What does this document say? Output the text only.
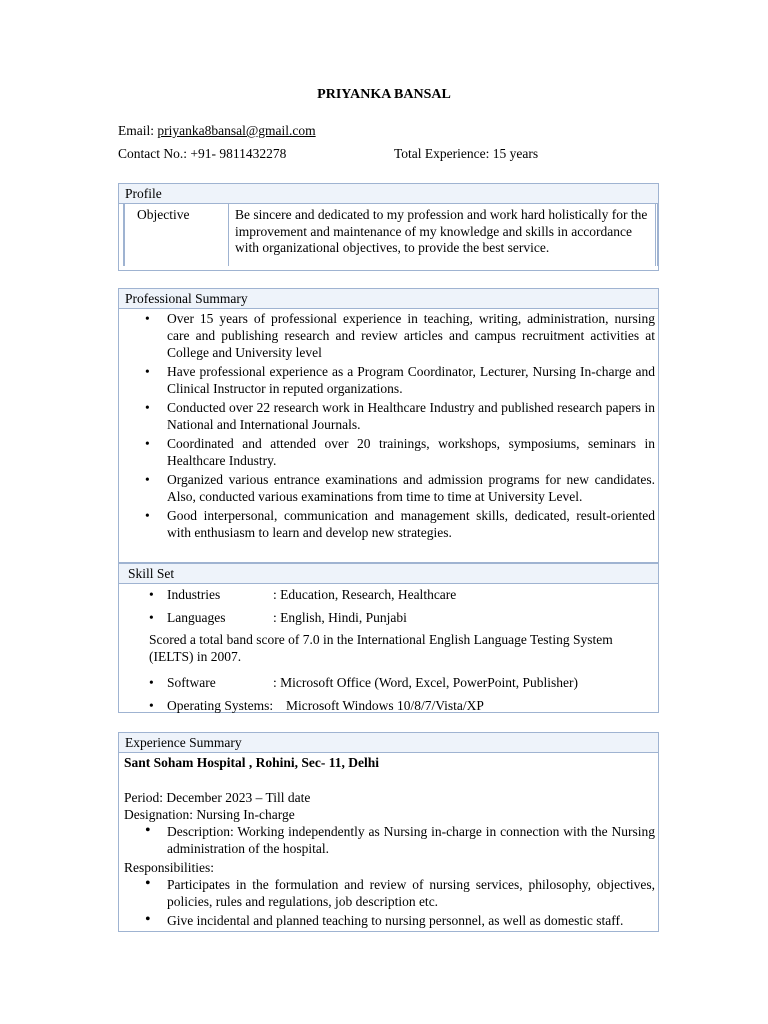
PRIYANKA BANSAL
Email: priyanka8bansal@gmail.com
Contact No.: +91- 9811432278	Total Experience: 15 years
Profile
Objective	Be sincere and dedicated to my profession and work hard holistically for the improvement and maintenance of my knowledge and skills in accordance with organizational objectives, to provide the best service.
Professional Summary
• Over 15 years of professional experience in teaching, writing, administration, nursing care and publishing research and review articles and campus recruitment activities at College and University level
• Have professional experience as a Program Coordinator, Lecturer, Nursing In-charge and Clinical Instructor in reputed organizations.
• Conducted over 22 research work in Healthcare Industry and published research papers in National and International Journals.
• Coordinated and attended over 20 trainings, workshops, symposiums, seminars in Healthcare Industry.
• Organized various entrance examinations and admission programs for new candidates. Also, conducted various examinations from time to time at University Level.
• Good interpersonal, communication and management skills, dedicated, result-oriented with enthusiasm to learn and develop new strategies.
Skill Set
• Industries	: Education, Research, Healthcare
• Languages	: English, Hindi, Punjabi
Scored a total band score of 7.0 in the International English Language Testing System (IELTS) in 2007.
• Software	: Microsoft Office (Word, Excel, PowerPoint, Publisher)
• Operating Systems: Microsoft Windows 10/8/7/Vista/XP
Experience Summary
Sant Soham Hospital , Rohini, Sec- 11, Delhi
Period: December 2023 – Till date
Designation: Nursing In-charge
• Description: Working independently as Nursing in-charge in connection with the Nursing administration of the hospital.
Responsibilities:
• Participates in the formulation and review of nursing services, philosophy, objectives, policies, rules and regulations, job description etc.
• Give incidental and planned teaching to nursing personnel, as well as domestic staff.
